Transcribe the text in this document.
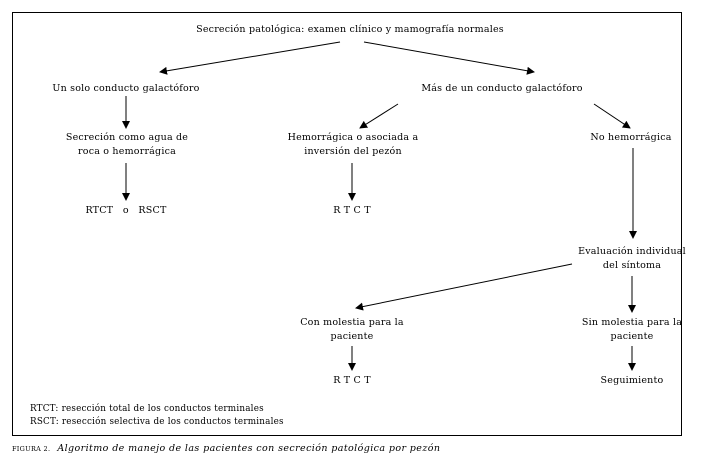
Secreción patológica: examen clínico y mamografía normales
Un solo conducto galactóforo	Más de un conducto galactóforo
Secreción como agua de roca o hemorrágica
Hemorrágica o asociada a inversión del pezón
No hemorrágica
RTCT   o   RSCT	R T C T
Evaluación individual del síntoma
Con molestia para la paciente
Sin molestia para la paciente
R T C T	Seguimiento
RTCT: resección total de los conductos terminales
RSCT: resección selectiva de los conductos terminales
FIGURA 2. Algoritmo de manejo de las pacientes con secreción patológica por pezón
